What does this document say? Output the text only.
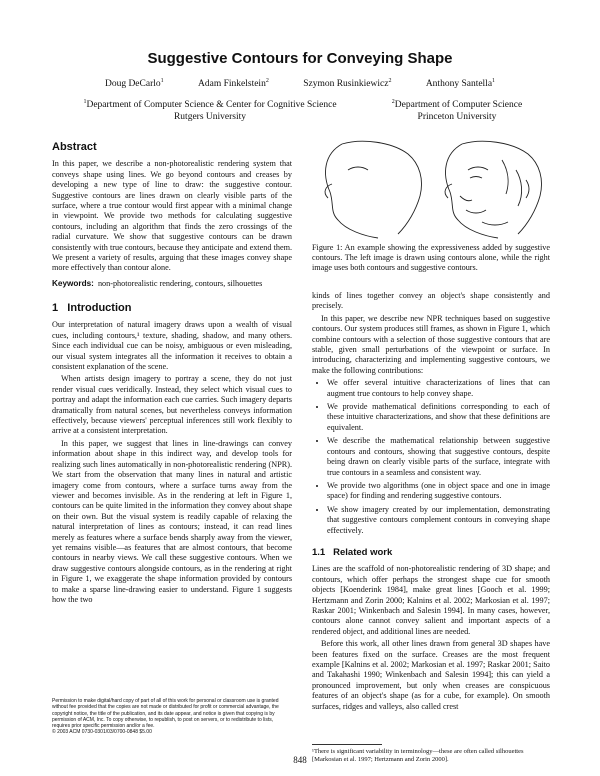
Suggestive Contours for Conveying Shape
Doug DeCarlo$^1$	Adam Finkelstein$^2$	Szymon Rusinkiewicz$^2$	Anthony Santella$^1$
$^1$Department of Computer Science & Center for Cognitive Science
Rutgers University
$^2$Department of Computer Science
Princeton University
Abstract

In this paper, we describe a non-photorealistic rendering system that conveys shape using lines. We go beyond contours and creases by developing a new type of line to draw: the suggestive contour. Suggestive contours are lines drawn on clearly visible parts of the surface, where a true contour would first appear with a minimal change in viewpoint. We provide two methods for calculating suggestive contours, including an algorithm that finds the zero crossings of the radial curvature. We show that suggestive contours can be drawn consistently with true contours, because they anticipate and extend them. We present a variety of results, arguing that these images convey shape more effectively than contour alone.

Keywords: non-photorealistic rendering, contours, silhouettes

1 Introduction

Our interpretation of natural imagery draws upon a wealth of visual cues, including contours,¹ texture, shading, shadow, and many others. Since each individual cue can be noisy, ambiguous or even misleading, our visual system integrates all the information it receives to obtain a consistent explanation of the scene.

When artists design imagery to portray a scene, they do not just render visual cues veridically. Instead, they select which visual cues to portray and adapt the information each cue carries. Such imagery departs dramatically from natural scenes, but nevertheless conveys information effectively, because viewers' perceptual inferences still work flexibly to arrive at a consistent interpretation.

In this paper, we suggest that lines in line-drawings can convey information about shape in this indirect way, and develop tools for realizing such lines automatically in non-photorealistic rendering (NPR). We start from the observation that many lines in natural and artistic imagery come from contours, where a surface turns away from the viewer and becomes invisible. As in the rendering at left in Figure 1, contours can be quite limited in the information they convey about shape on their own. But the visual system is readily capable of relaxing the natural interpretation of lines as contours; instead, it can read lines merely as features where a surface bends sharply away from the viewer, yet remains visible—as features that are almost contours, that become contours in nearby views. We call these suggestive contours. When we draw suggestive contours alongside contours, as in the rendering at right in Figure 1, we exaggerate the shape information provided by contours to make a sparse line-drawing easier to understand. Figure 1 suggests how the two

Permission to make digital/hard copy of part of all of this work for personal or classroom use is granted without fee provided that the copies are not made or distributed for profit or commercial advantage, the copyright notice, the title of the publication, and its date appear, and notice is given that copying is by permission of ACM, Inc. To copy otherwise, to republish, to post on servers, or to redistribute to lists, requires prior specific permission and/or a fee.
© 2003 ACM 0730-0301/03/0700-0848 $5.00
Figure 1: An example showing the expressiveness added by suggestive contours. The left image is drawn using contours alone, while the right image uses both contours and suggestive contours.

kinds of lines together convey an object's shape consistently and precisely.

In this paper, we describe new NPR techniques based on suggestive contours. Our system produces still frames, as shown in Figure 1, which combine contours with a selection of those suggestive contours that are stable, given small perturbations of the viewpoint or surface. In introducing, characterizing and implementing suggestive contours, we make the following contributions:

• We offer several intuitive characterizations of lines that can augment true contours to help convey shape.
• We provide mathematical definitions corresponding to each of these intuitive characterizations, and show that these definitions are equivalent.
• We describe the mathematical relationship between suggestive contours and contours, showing that suggestive contours, despite being drawn on clearly visible parts of the surface, integrate with true contours in a seamless and consistent way.
• We provide two algorithms (one in object space and one in image space) for finding and rendering suggestive contours.
• We show imagery created by our implementation, demonstrating that suggestive contours complement contours in conveying shape effectively.
1.1 Related work

Lines are the scaffold of non-photorealistic rendering of 3D shape; and contours, which offer perhaps the strongest shape cue for smooth objects [Koenderink 1984], make great lines [Gooch et al. 1999; Hertzmann and Zorin 2000; Kalnins et al. 2002; Markosian et al. 1997; Raskar 2001; Winkenbach and Salesin 1994]. In many cases, however, contours alone cannot convey salient and important aspects of a rendered object, and additional lines are needed.

Before this work, all other lines drawn from general 3D shapes have been features fixed on the surface. Creases are the most frequent example [Kalnins et al. 2002; Markosian et al. 1997; Raskar 2001; Saito and Takahashi 1990; Winkenbach and Salesin 1994]; this can yield a pronounced improvement, but only when creases are conspicuous features of an object's shape (as for a cube, for example). On smooth surfaces, ridges and valleys, also called crest

¹There is significant variability in terminology—these are often called silhouettes [Markosian et al. 1997; Hertzmann and Zorin 2000].
848
